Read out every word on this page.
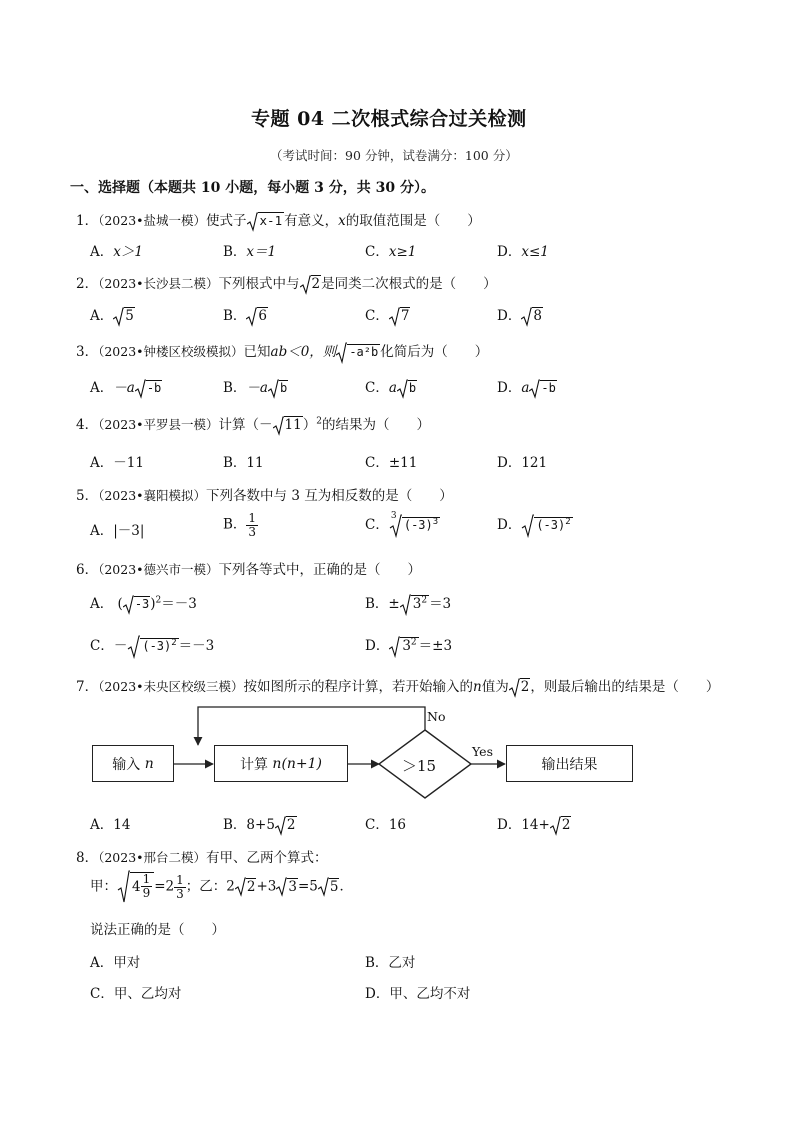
专题 04 二次根式综合过关检测
（考试时间：90 分钟，试卷满分：100 分）
一、选择题（本题共 10 小题，每小题 3 分，共 30 分）。
1．（2023•盐城一模）使式子 x-1 有意义，x的取值范围是（　　）
A．x＞1	B．x＝1	C．x≥1	D．x≤1
2．（2023•长沙县二模）下列根式中与 2是同类二次根式的是（　　）
A． 5	B． 6	C． 7	D． 8
3．（2023•钟楼区校级模拟）已知ab＜0，则 -a²b 化简后为（　　）
A．－a -b	B．－a b	C．a b	D．a -b
4．（2023•平罗县一模）计算（－ 11）$^2$的结果为（　　）
A．－11	B．11	C．±11	D．121
5．（2023•襄阳模拟）下列各数中与 3 互为相反数的是（　　）
A．|－3|	B． $\frac{1}{3}$	C．
3
$(-3)^3$	D． $(-3)^2$
6．（2023•德兴市一模）下列各等式中，正确的是（　　）
A． ( -3)$^2$＝－3	B．± $3^2 =3$
C．－ $(-3)^2 =-3$	D． $3^2 =\pm 3$
7．（2023•未央区校级三模）按如图所示的程序计算，若开始输入的n值为 2，则最后输出的结果是（　　）
输入
n	计算
n(n+1)	＞15
No
Yes
输出结果
A．14	B．8+5 2	C．16	D．14+ 2
8．（2023•邢台二模）有甲、乙两个算式：
甲： $4 \frac{1}{9} =2 \frac{1}{3}$ ；乙：2 2+3 3=5 5．
说法正确的是（　　）
A．甲对	B．乙对
C．甲、乙均对	D．甲、乙均不对
